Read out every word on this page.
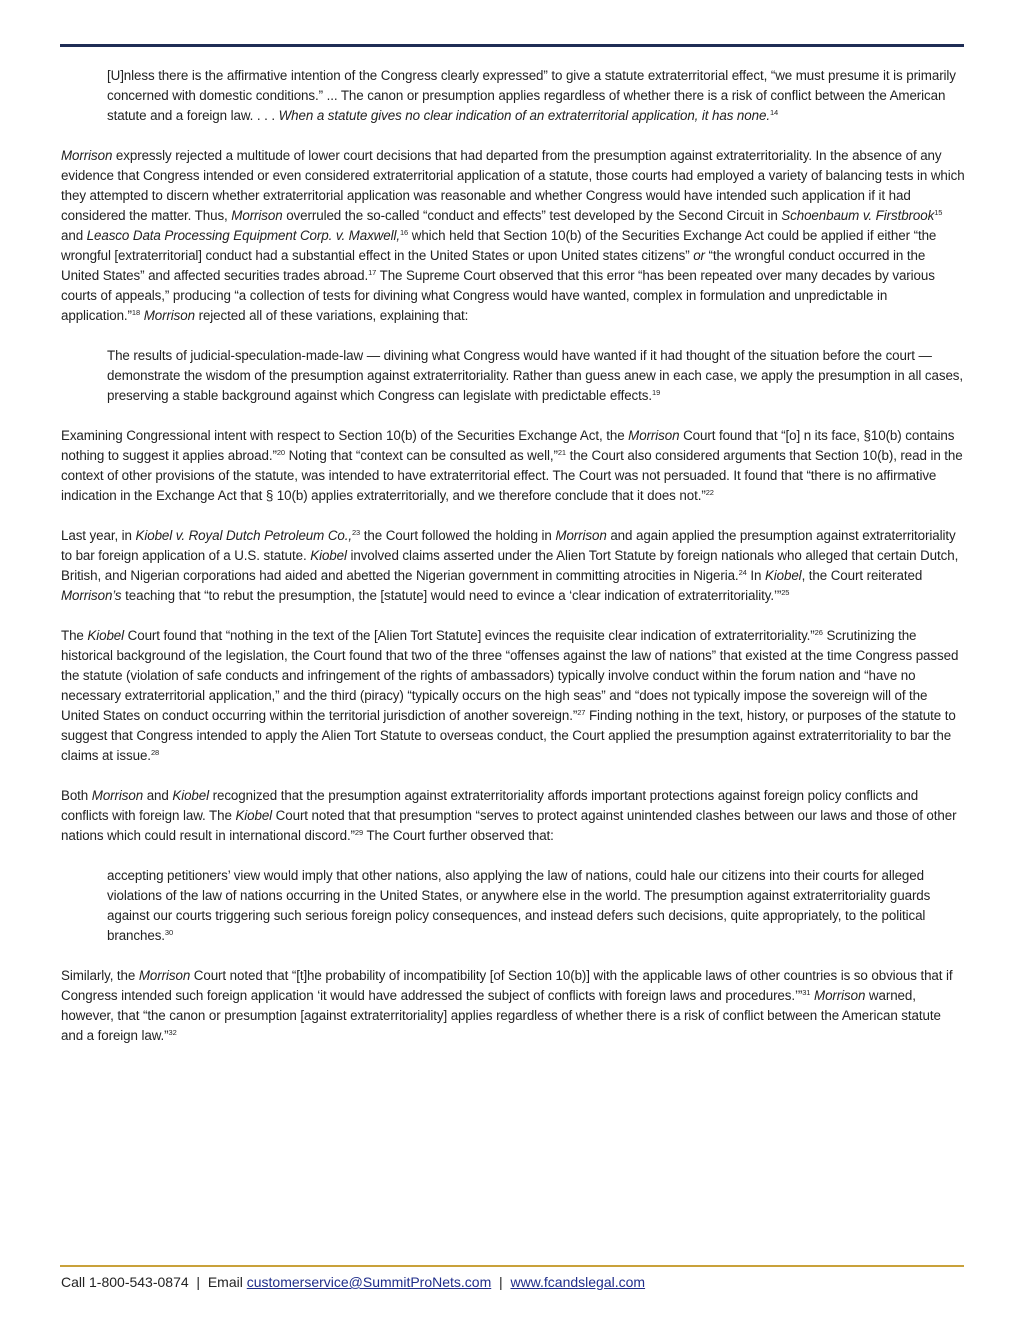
[U]nless there is the affirmative intention of the Congress clearly expressed” to give a statute extraterritorial effect, “we must presume it is primarily concerned with domestic conditions.” ... The canon or presumption applies regardless of whether there is a risk of conflict between the American statute and a foreign law. . . . When a statute gives no clear indication of an extraterritorial application, it has none.$^{14}$

Morrison expressly rejected a multitude of lower court decisions that had departed from the presumption against extraterritoriality. In the absence of any evidence that Congress intended or even considered extraterritorial application of a statute, those courts had employed a variety of balancing tests in which they attempted to discern whether extraterritorial application was reasonable and whether Congress would have intended such application if it had considered the matter. Thus, Morrison overruled the so-called “conduct and effects” test developed by the Second Circuit in Schoenbaum v. Firstbrook$^{15}$ and Leasco Data Processing Equipment Corp. v. Maxwell,$^{16}$ which held that Section 10(b) of the Securities Exchange Act could be applied if either “the wrongful [extraterritorial] conduct had a substantial effect in the United States or upon United states citizens” or “the wrongful conduct occurred in the United States” and affected securities trades abroad.$^{17}$ The Supreme Court observed that this error “has been repeated over many decades by various courts of appeals,” producing “a collection of tests for divining what Congress would have wanted, complex in formulation and unpredictable in application.”$^{18}$ Morrison rejected all of these variations, explaining that:

The results of judicial-speculation-made-law — divining what Congress would have wanted if it had thought of the situation before the court — demonstrate the wisdom of the presumption against extraterritoriality. Rather than guess anew in each case, we apply the presumption in all cases, preserving a stable background against which Congress can legislate with predictable effects.$^{19}$

Examining Congressional intent with respect to Section 10(b) of the Securities Exchange Act, the Morrison Court found that “[o] n its face, §10(b) contains nothing to suggest it applies abroad.”$^{20}$ Noting that “context can be consulted as well,”$^{21}$ the Court also considered arguments that Section 10(b), read in the context of other provisions of the statute, was intended to have extraterritorial effect. The Court was not persuaded. It found that “there is no affirmative indication in the Exchange Act that § 10(b) applies extraterritorially, and we therefore conclude that it does not.”$^{22}$

Last year, in Kiobel v. Royal Dutch Petroleum Co.,$^{23}$ the Court followed the holding in Morrison and again applied the presumption against extraterritoriality to bar foreign application of a U.S. statute. Kiobel involved claims asserted under the Alien Tort Statute by foreign nationals who alleged that certain Dutch, British, and Nigerian corporations had aided and abetted the Nigerian government in committing atrocities in Nigeria.$^{24}$ In Kiobel, the Court reiterated Morrison’s teaching that “to rebut the presumption, the [statute] would need to evince a ‘clear indication of extraterritoriality.’”$^{25}$

The Kiobel Court found that “nothing in the text of the [Alien Tort Statute] evinces the requisite clear indication of extraterritoriality.”$^{26}$ Scrutinizing the historical background of the legislation, the Court found that two of the three “offenses against the law of nations” that existed at the time Congress passed the statute (violation of safe conducts and infringement of the rights of ambassadors) typically involve conduct within the forum nation and “have no necessary extraterritorial application,” and the third (piracy) “typically occurs on the high seas” and “does not typically impose the sovereign will of the United States on conduct occurring within the territorial jurisdiction of another sovereign.”$^{27}$ Finding nothing in the text, history, or purposes of the statute to suggest that Congress intended to apply the Alien Tort Statute to overseas conduct, the Court applied the presumption against extraterritoriality to bar the claims at issue.$^{28}$

Both Morrison and Kiobel recognized that the presumption against extraterritoriality affords important protections against foreign policy conflicts and conflicts with foreign law. The Kiobel Court noted that that presumption “serves to protect against unintended clashes between our laws and those of other nations which could result in international discord.”$^{29}$ The Court further observed that:

accepting petitioners’ view would imply that other nations, also applying the law of nations, could hale our citizens into their courts for alleged violations of the law of nations occurring in the United States, or anywhere else in the world. The presumption against extraterritoriality guards against our courts triggering such serious foreign policy consequences, and instead defers such decisions, quite appropriately, to the political branches.$^{30}$

Similarly, the Morrison Court noted that “[t]he probability of incompatibility [of Section 10(b)] with the applicable laws of other countries is so obvious that if Congress intended such foreign application ‘it would have addressed the subject of conflicts with foreign laws and procedures.’”$^{31}$ Morrison warned, however, that “the canon or presumption [against extraterritoriality] applies regardless of whether there is a risk of conflict between the American statute and a foreign law.”$^{32}$

Call 1-800-543-0874 | Email customerservice@SummitProNets.com | www.fcandslegal.com
